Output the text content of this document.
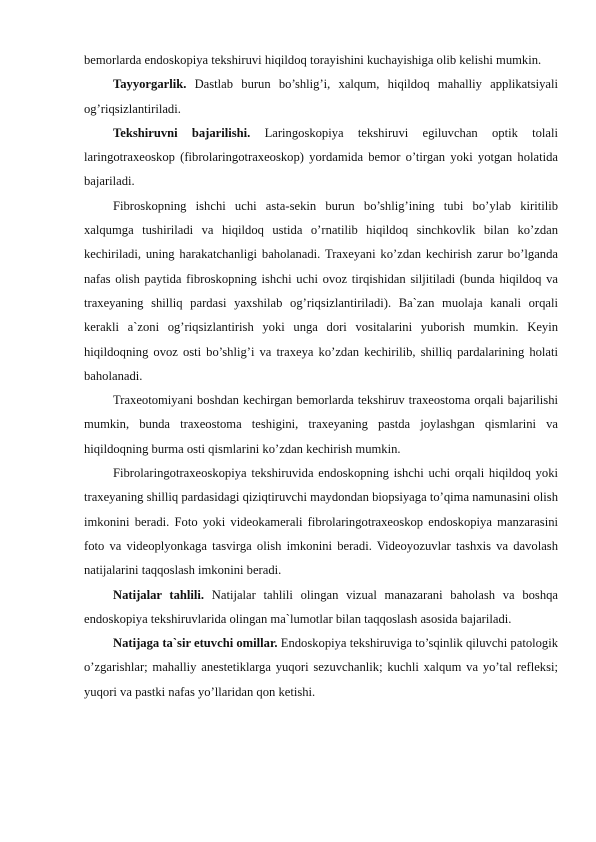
bemorlarda endoskopiya tekshiruvi hiqildoq torayishini kuchayishiga olib kelishi mumkin.

Tayyorgarlik. Dastlab burun bo’shlig’i, xalqum, hiqildoq mahalliy applikatsiyali og’riqsizlantiriladi.

Tekshiruvni bajarilishi. Laringoskopiya tekshiruvi egiluvchan optik tolali laringotraxeoskop (fibrolaringotraxeoskop) yordamida bemor o’tirgan yoki yotgan holatida bajariladi.

Fibroskopning ishchi uchi asta-sekin burun bo’shlig’ining tubi bo’ylab kiritilib xalqumga tushiriladi va hiqildoq ustida o’rnatilib hiqildoq sinchkovlik bilan ko’zdan kechiriladi, uning harakatchanligi baholanadi. Traxeyani ko’zdan kechirish zarur bo’lganda nafas olish paytida fibroskopning ishchi uchi ovoz tirqishidan siljitiladi (bunda hiqildoq va traxeyaning shilliq pardasi yaxshilab og’riqsizlantiriladi). Ba`zan muolaja kanali orqali kerakli a`zoni og’riqsizlantirish yoki unga dori vositalarini yuborish mumkin. Keyin hiqildoqning ovoz osti bo’shlig’i va traxeya ko’zdan kechirilib, shilliq pardalarining holati baholanadi.

Traxeotomiyani boshdan kechirgan bemorlarda tekshiruv traxeostoma orqali bajarilishi mumkin, bunda traxeostoma teshigini, traxeyaning pastda joylashgan qismlarini va hiqildoqning burma osti qismlarini ko’zdan kechirish mumkin.

Fibrolaringotraxeoskopiya tekshiruvida endoskopning ishchi uchi orqali hiqildoq yoki traxeyaning shilliq pardasidagi qiziqtiruvchi maydondan biopsiyaga to’qima namunasini olish imkonini beradi. Foto yoki videokamerali fibrolaringotraxeoskop endoskopiya manzarasini foto va videoplyonkaga tasvirga olish imkonini beradi. Videoyozuvlar tashxis va davolash natijalarini taqqoslash imkonini beradi.

Natijalar tahlili. Natijalar tahlili olingan vizual manazarani baholash va boshqa endoskopiya tekshiruvlarida olingan ma`lumotlar bilan taqqoslash asosida bajariladi.

Natijaga ta`sir etuvchi omillar. Endoskopiya tekshiruviga to’sqinlik qiluvchi patologik o’zgarishlar; mahalliy anestetiklarga yuqori sezuvchanlik; kuchli xalqum va yo’tal refleksi; yuqori va pastki nafas yo’llaridan qon ketishi.
